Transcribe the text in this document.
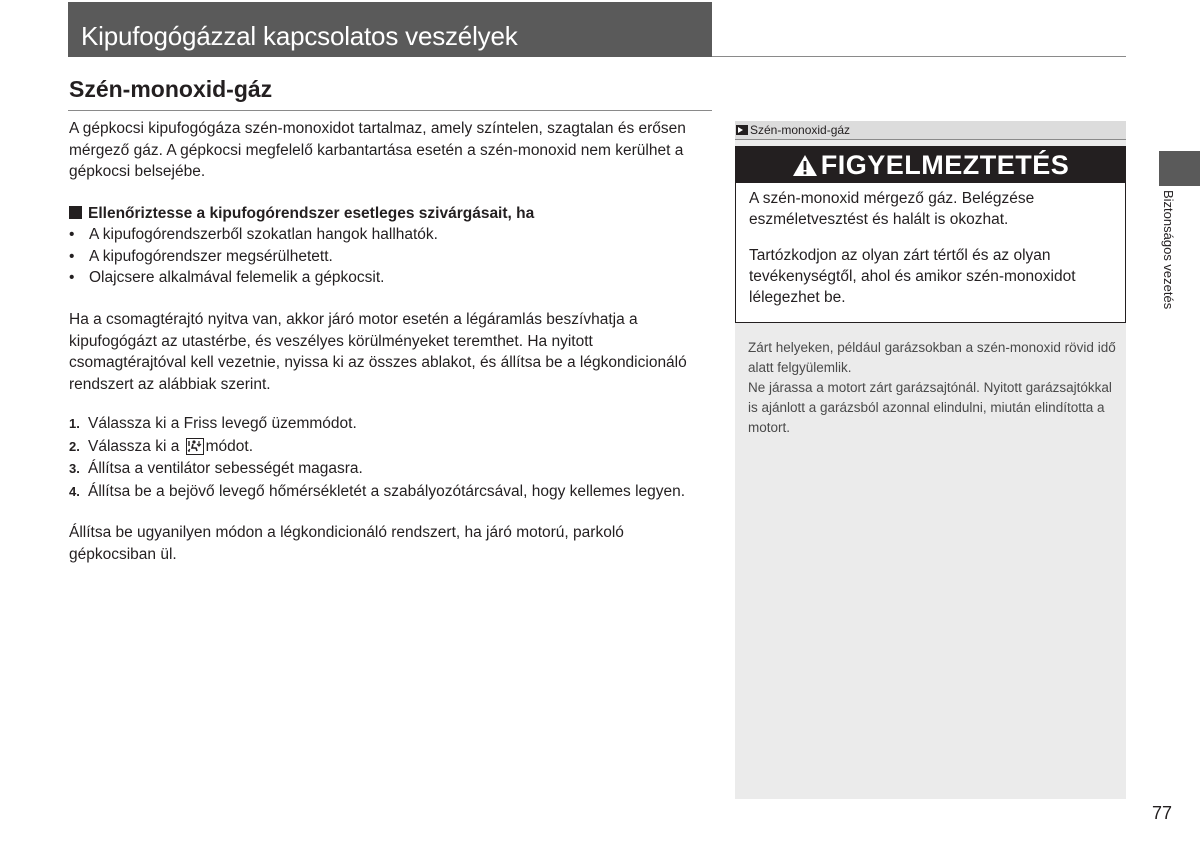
Kipufogógázzal kapcsolatos veszélyek
Szén-monoxid-gáz

A gépkocsi kipufogógáza szén-monoxidot tartalmaz, amely színtelen, szagtalan és erősen mérgező gáz. A gépkocsi megfelelő karbantartása esetén a szén-monoxid nem kerülhet a gépkocsi belsejébe.

Ellenőriztesse a kipufogórendszer esetleges szivárgásait, ha
• A kipufogórendszerből szokatlan hangok hallhatók.
• A kipufogórendszer megsérülhetett.
• Olajcsere alkalmával felemelik a gépkocsit.

Ha a csomagtérajtó nyitva van, akkor járó motor esetén a légáramlás beszívhatja a kipufogógázt az utastérbe, és veszélyes körülményeket teremthet. Ha nyitott csomagtérajtóval kell vezetnie, nyissa ki az összes ablakot, és állítsa be a légkondicionáló rendszert az alábbiak szerint.

1. Válassza ki a Friss levegő üzemmódot.
2. Válassza ki a módot.
3. Állítsa a ventilátor sebességét magasra.
4. Állítsa be a bejövő levegő hőmérsékletét a szabályozótárcsával, hogy kellemes legyen.

Állítsa be ugyanilyen módon a légkondicionáló rendszert, ha járó motorú, parkoló gépkocsiban ül.

Szén-monoxid-gáz
FIGYELMEZTETÉS

A szén-monoxid mérgező gáz. Belégzése eszméletvesztést és halált is okozhat.

Tartózkodjon az olyan zárt tértől és az olyan tevékenységtől, ahol és amikor szén-monoxidot lélegezhet be.

Zárt helyeken, például garázsokban a szén-monoxid rövid idő alatt felgyülemlik.

Ne járassa a motort zárt garázsajtónál. Nyitott garázsajtókkal is ajánlott a garázsból azonnal elindulni, miután elindította a motort.

Biztonságos vezetés
77
